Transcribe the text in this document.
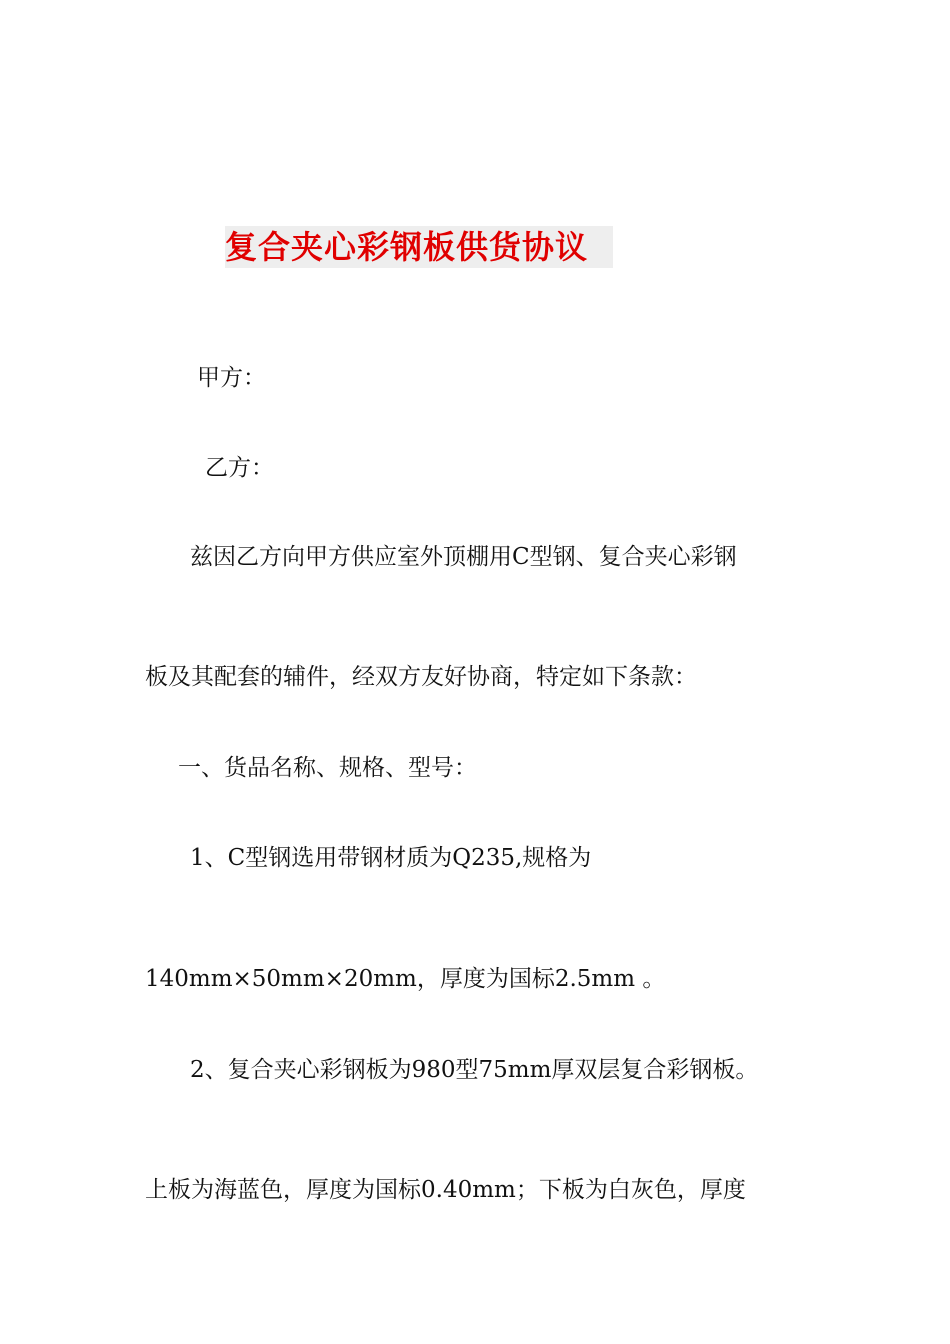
复合夹心彩钢板供货协议
甲方：
乙方：
兹因乙方向甲方供应室外顶棚用C型钢、复合夹心彩钢
板及其配套的辅件，经双方友好协商，特定如下条款：
一、货品名称、规格、型号：
1、C型钢选用带钢材质为Q235,规格为
140mm×50mm×20mm，厚度为国标2.5mm 。
2、复合夹心彩钢板为980型75mm厚双层复合彩钢板。
上板为海蓝色，厚度为国标0.40mm；下板为白灰色，厚度
